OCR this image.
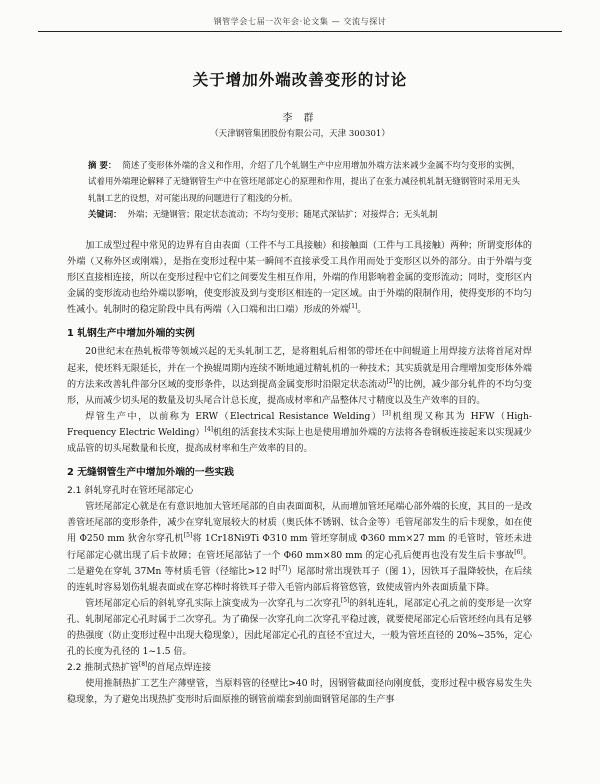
钢管学会七届一次年会·论文集 — 交流与探讨
关于增加外端改善变形的讨论
李 群
（天津钢管集团股份有限公司，天津 300301）

摘 要： 简述了变形体外端的含义和作用，介绍了几个轧钢生产中应用增加外端方法来减少金属不均匀变形的实例，试着用外端理论解释了无缝钢管生产中在管坯尾部定心的原理和作用，提出了在张力减径机轧制无缝钢管时采用无头轧制工艺的设想，对可能出现的问题进行了粗浅的分析。

关键词： 外端；无缝钢管；限定状态流动；不均匀变形；随尾式深钻扩；对接焊合；无头轧制

加工成型过程中常见的边界有自由表面（工件不与工具接触）和接触面（工件与工具接触）两种；所谓变形体的外端（又称外区或刚端），是指在变形过程中某一瞬间不直接承受工具作用而处于变形区以外的部分。由于外端与变形区直接相连接，所以在变形过程中它们之间要发生相互作用，外端的作用影响着金属的变形流动；同时，变形区内金属的变形流动也给外端以影响，使变形波及到与变形区相连的一定区域。由于外端的限制作用，使得变形的不均匀性减小。轧制时的稳定阶段中具有两端（入口端和出口端）形成的外端[1]。

1 轧钢生产中增加外端的实例

20世纪末在热轧板带等领域兴起的无头轧制工艺，是将粗轧后相邻的带坯在中间辊道上用焊接方法将首尾对焊起来，使坯料无限延长，并在一个换辊周期内连续不断地通过精轧机的一种技术；其实质就是用合理增加变形体外端的方法来改善轧件部分区域的变形条件，以达到提高金属变形时沿限定状态流动[2]的比例，减少部分轧件的不均匀变形，从而减少切头尾的数量及切头尾合计总长度，提高成材率和产品整体尺寸精度以及生产效率的目的。

焊管生产中，以前称为 ERW（Electrical Resistance Welding）[3]机组现又称其为 HFW（High-Frequency Electric Welding）[4]机组的活套技术实际上也是使用增加外端的方法将各卷钢板连接起来以实现减少成品管的切头尾数量和长度，提高成材率和生产效率的目的。

2 无缝钢管生产中增加外端的一些实践
2.1 斜轧穿孔时在管坯尾部定心

管坯尾部定心就是在有意识地加大管坯尾部的自由表面面积，从而增加管坯尾端心部外端的长度，其目的一是改善管坯尾部的变形条件，减少在穿轧宽展较大的材质（奥氏体不锈钢、钛合金等）毛管尾部发生的后卡现象，如在使用 Φ250 mm 狄舍尔穿孔机[5]将 1Cr18Ni9Ti Φ310 mm 管坯穿制成 Φ360 mm×27 mm 的毛管时，管坯未进行尾部定心就出现了后卡故障；在管坯尾部钻了一个 Φ60 mm×80 mm 的定心孔后便再也没有发生后卡事故[6]。二是避免在穿轧 37Mn 等材质毛管（径缩比>12 时[7]）尾部时常出现铁耳子（图 1），因铁耳子温降较快，在后续的连轧时容易划伤轧辊表面或在穿芯棒时将铁耳子带入毛管内部后将管悠管，致使成管内外表面质量下降。

管坯尾部定心后的斜轧穿孔实际上演变成为一次穿孔与二次穿孔[5]的斜轧连轧，尾部定心孔之前的变形是一次穿孔、轧制尾部定心孔时属于二次穿孔。为了确保一次穿孔向二次穿孔平稳过渡，就要使尾部定心后管坯经向具有足够的热强度（防止变形过程中出现大稳现象），因此尾部定心孔的直径不宜过大，一般为管坯直径的 20%~35%，定心孔的长度为孔径的 1~1.5 倍。

2.2 推制式热扩管[8]的首尾点焊连接

使用推制热扩工艺生产薄壁管，当原料管的径壁比>40 时，因钢管截面径向刚度低，变形过程中极容易发生失稳现象，为了避免出现热扩变形时后面原推的钢管前端套到前面钢管尾部的生产事
